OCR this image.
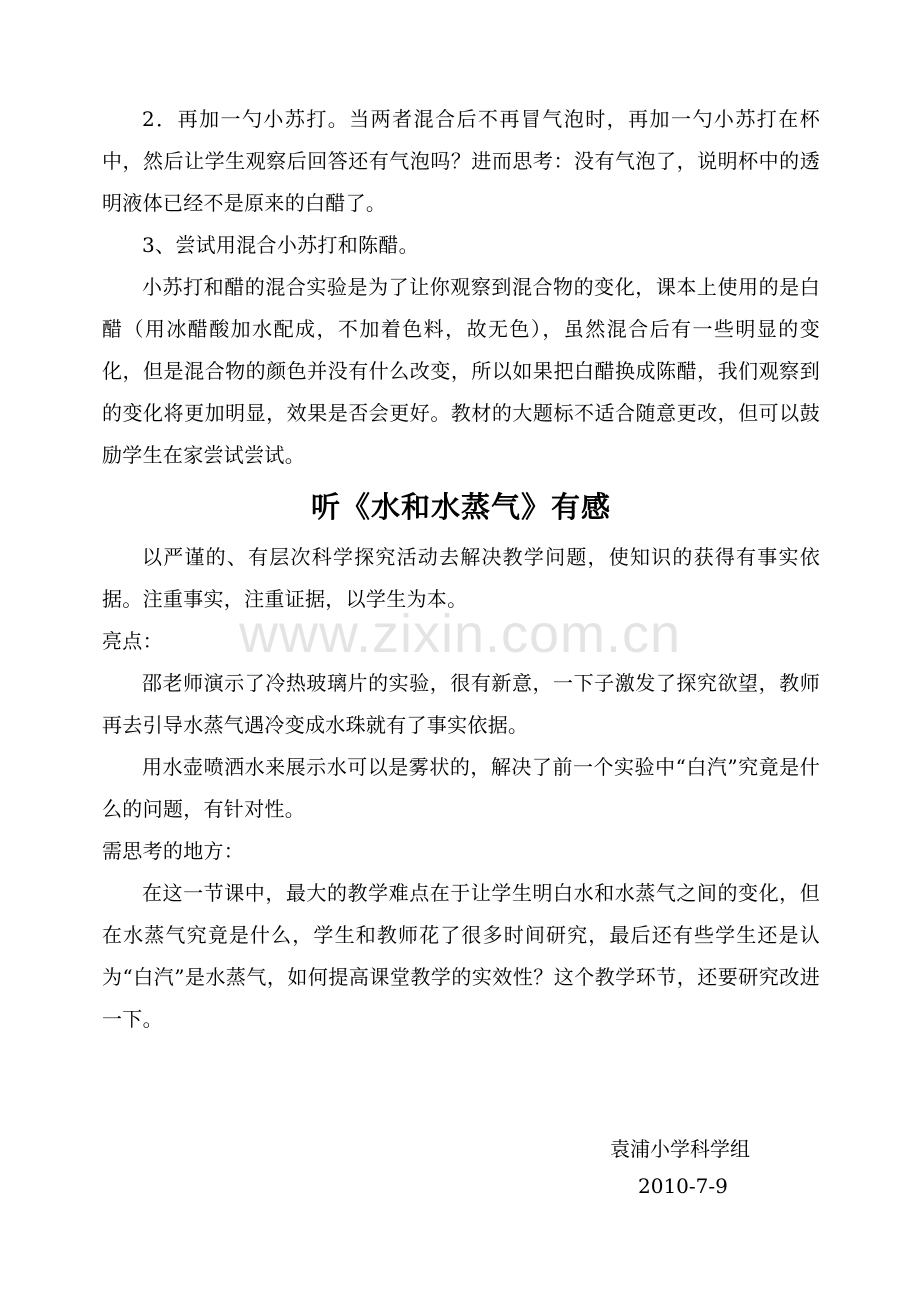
2．再加一勺小苏打。当两者混合后不再冒气泡时，再加一勺小苏打在杯中，然后让学生观察后回答还有气泡吗？进而思考：没有气泡了，说明杯中的透明液体已经不是原来的白醋了。

3、尝试用混合小苏打和陈醋。

小苏打和醋的混合实验是为了让你观察到混合物的变化，课本上使用的是白醋（用冰醋酸加水配成，不加着色料，故无色），虽然混合后有一些明显的变化，但是混合物的颜色并没有什么改变，所以如果把白醋换成陈醋，我们观察到的变化将更加明显，效果是否会更好。教材的大题标不适合随意更改，但可以鼓励学生在家尝试尝试。

听《水和水蒸气》有感

以严谨的、有层次科学探究活动去解决教学问题，使知识的获得有事实依据。注重事实，注重证据，以学生为本。

亮点：

邵老师演示了冷热玻璃片的实验，很有新意，一下子激发了探究欲望，教师再去引导水蒸气遇冷变成水珠就有了事实依据。

用水壶喷洒水来展示水可以是雾状的，解决了前一个实验中“白汽”究竟是什么的问题，有针对性。

需思考的地方：

在这一节课中，最大的教学难点在于让学生明白水和水蒸气之间的变化，但在水蒸气究竟是什么，学生和教师花了很多时间研究，最后还有些学生还是认为“白汽”是水蒸气，如何提高课堂教学的实效性？这个教学环节，还要研究改进一下。

袁浦小学科学组

2010-7-9

www.zixin.com.cn
